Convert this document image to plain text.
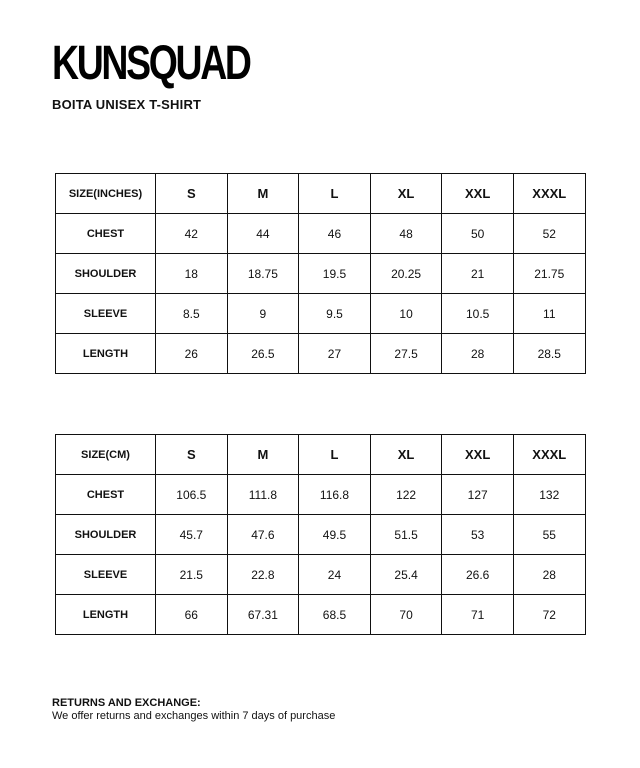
KUNSQUAD
BOITA UNISEX T-SHIRT
SIZE(INCHES)	S	M	L	XL	XXL	XXXL
CHEST	42	44	46	48	50	52
SHOULDER	18	18.75	19.5	20.25	21	21.75
SLEEVE	8.5	9	9.5	10	10.5	11
LENGTH	26	26.5	27	27.5	28	28.5
SIZE(CM)	S	M	L	XL	XXL	XXXL
CHEST	106.5	111.8	116.8	122	127	132
SHOULDER	45.7	47.6	49.5	51.5	53	55
SLEEVE	21.5	22.8	24	25.4	26.6	28
LENGTH	66	67.31	68.5	70	71	72
RETURNS AND EXCHANGE:
We offer returns and exchanges within 7 days of purchase
